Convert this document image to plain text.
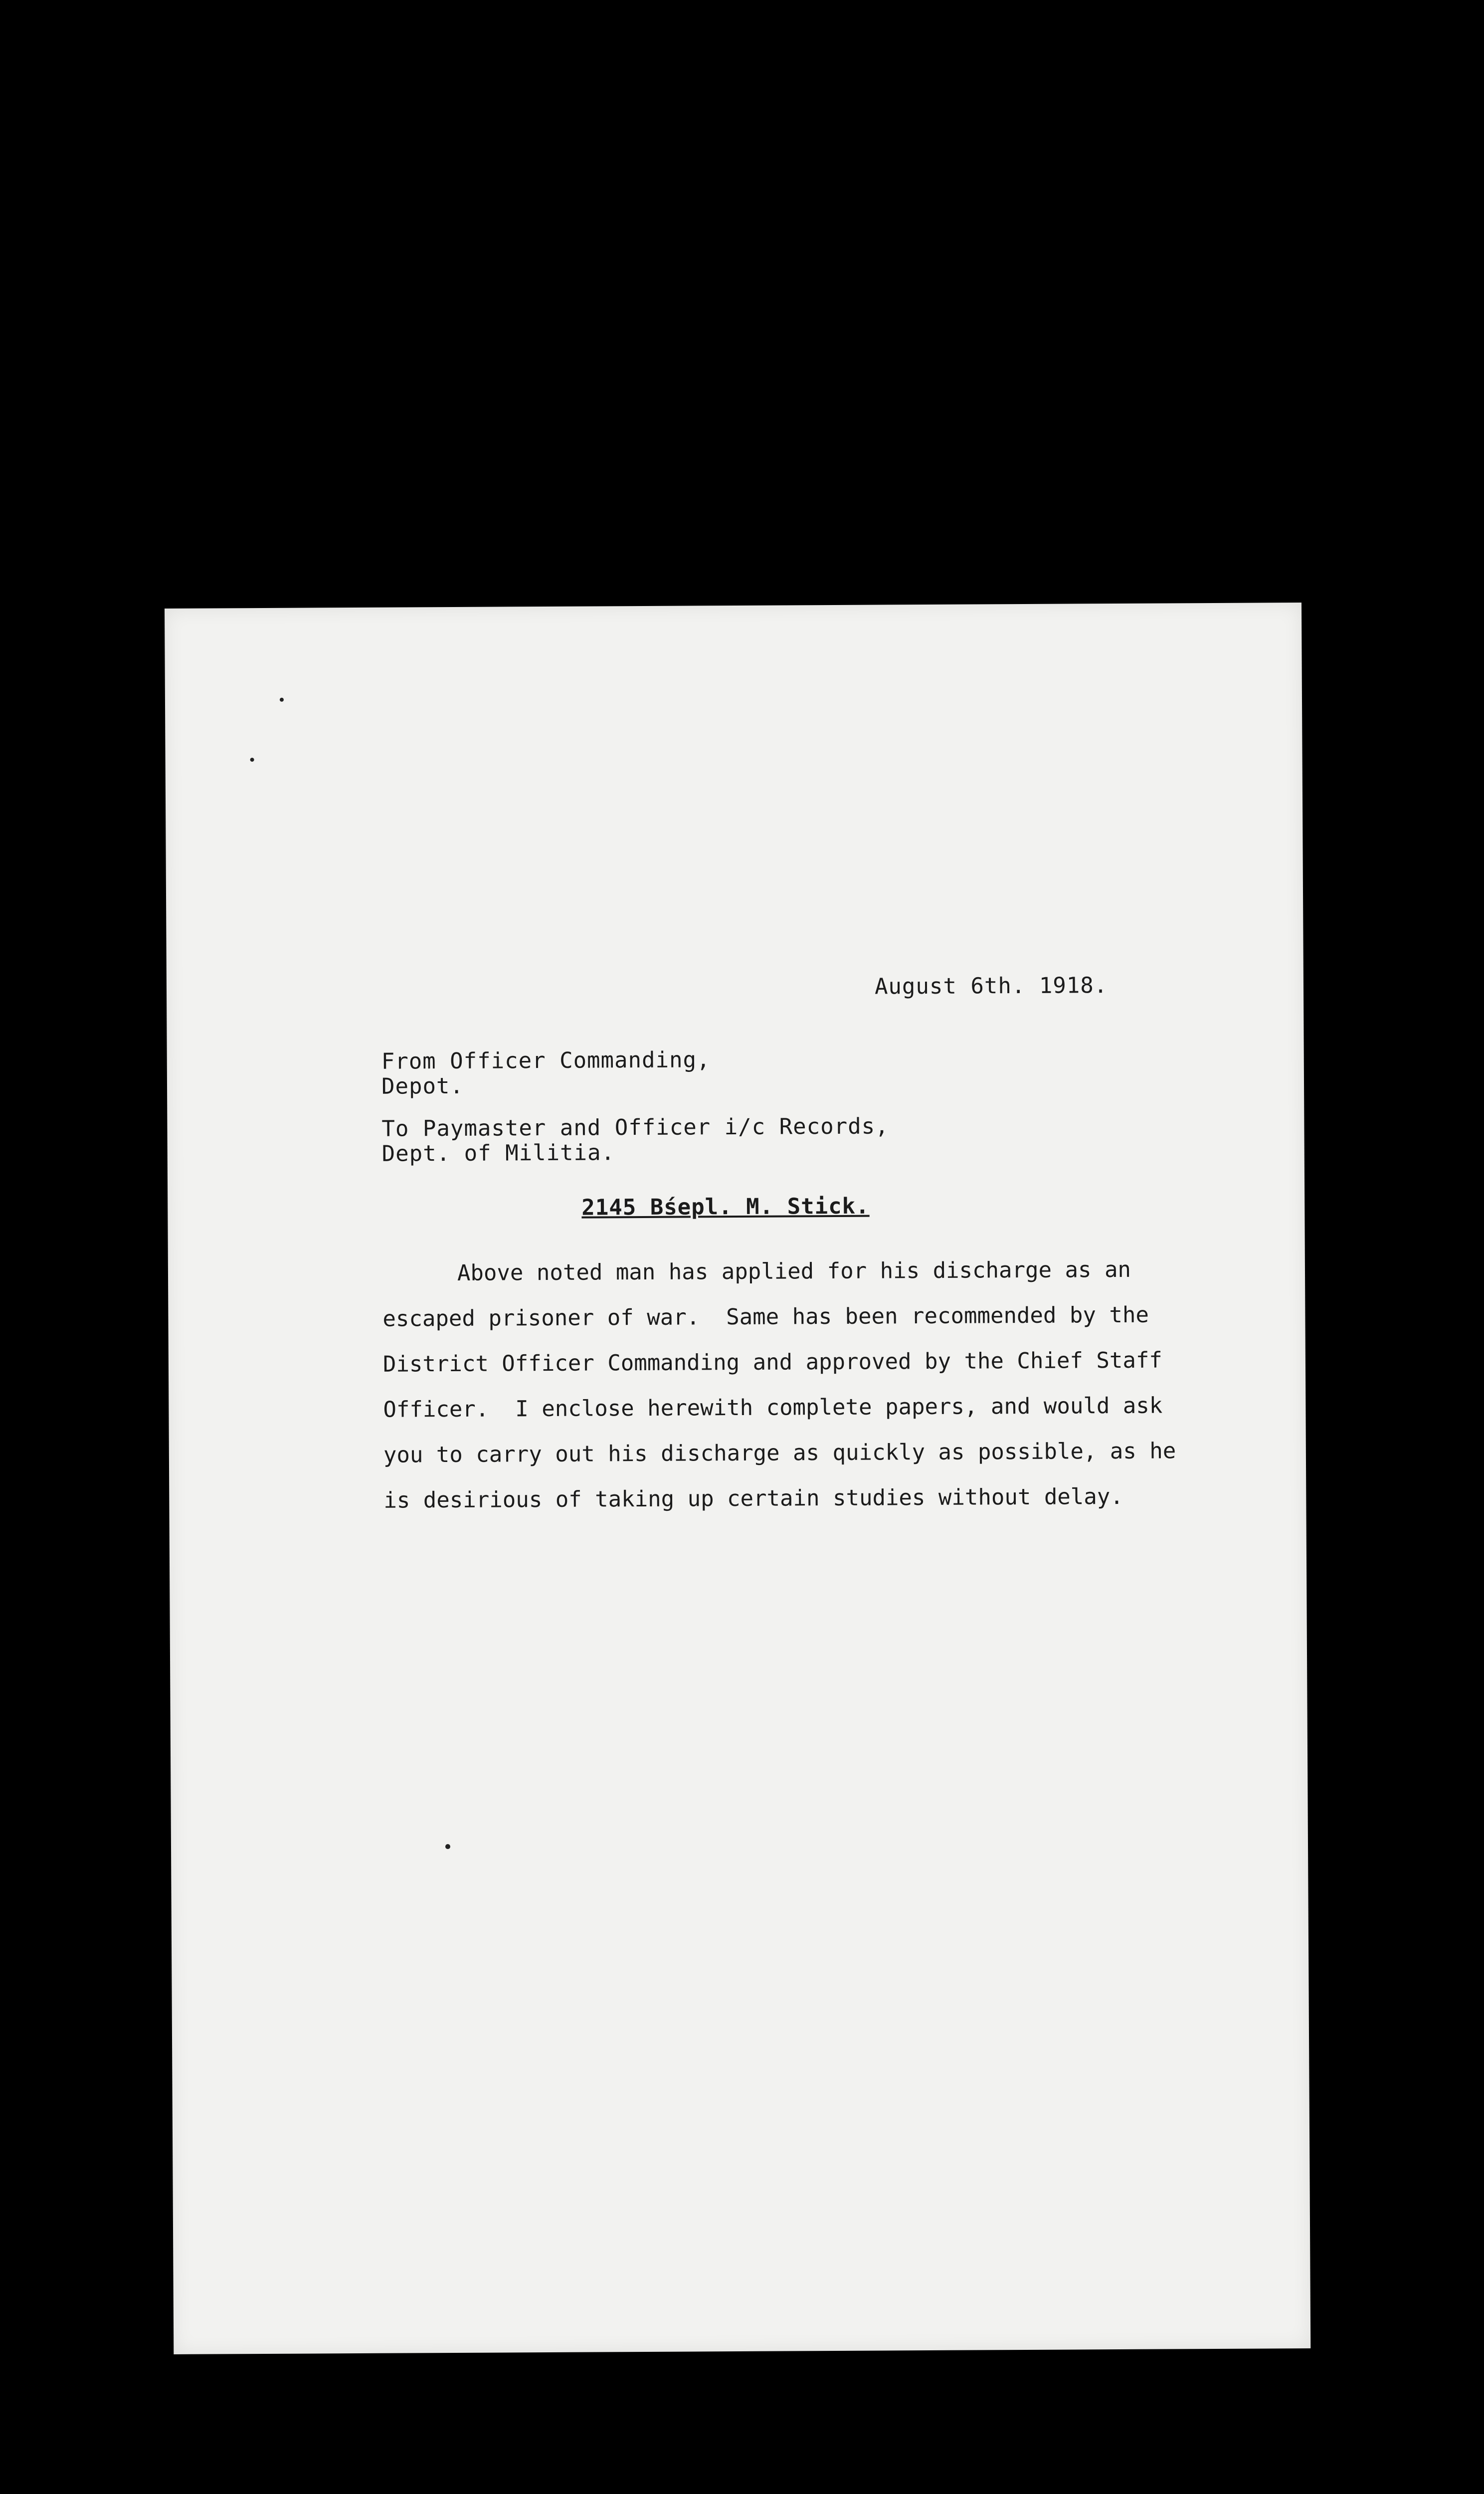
August 6th. 1918.
From Officer Commanding,
Depot.
To Paymaster and Officer i/c Records,
Dept. of Militia.
2145 Bśepl. M. Stick.
Above noted man has applied for his discharge as an
escaped prisoner of war.  Same has been recommended by the
District Officer Commanding and approved by the Chief Staff
Officer.  I enclose herewith complete papers, and would ask
you to carry out his discharge as quickly as possible, as he
is desirious of taking up certain studies without delay.
